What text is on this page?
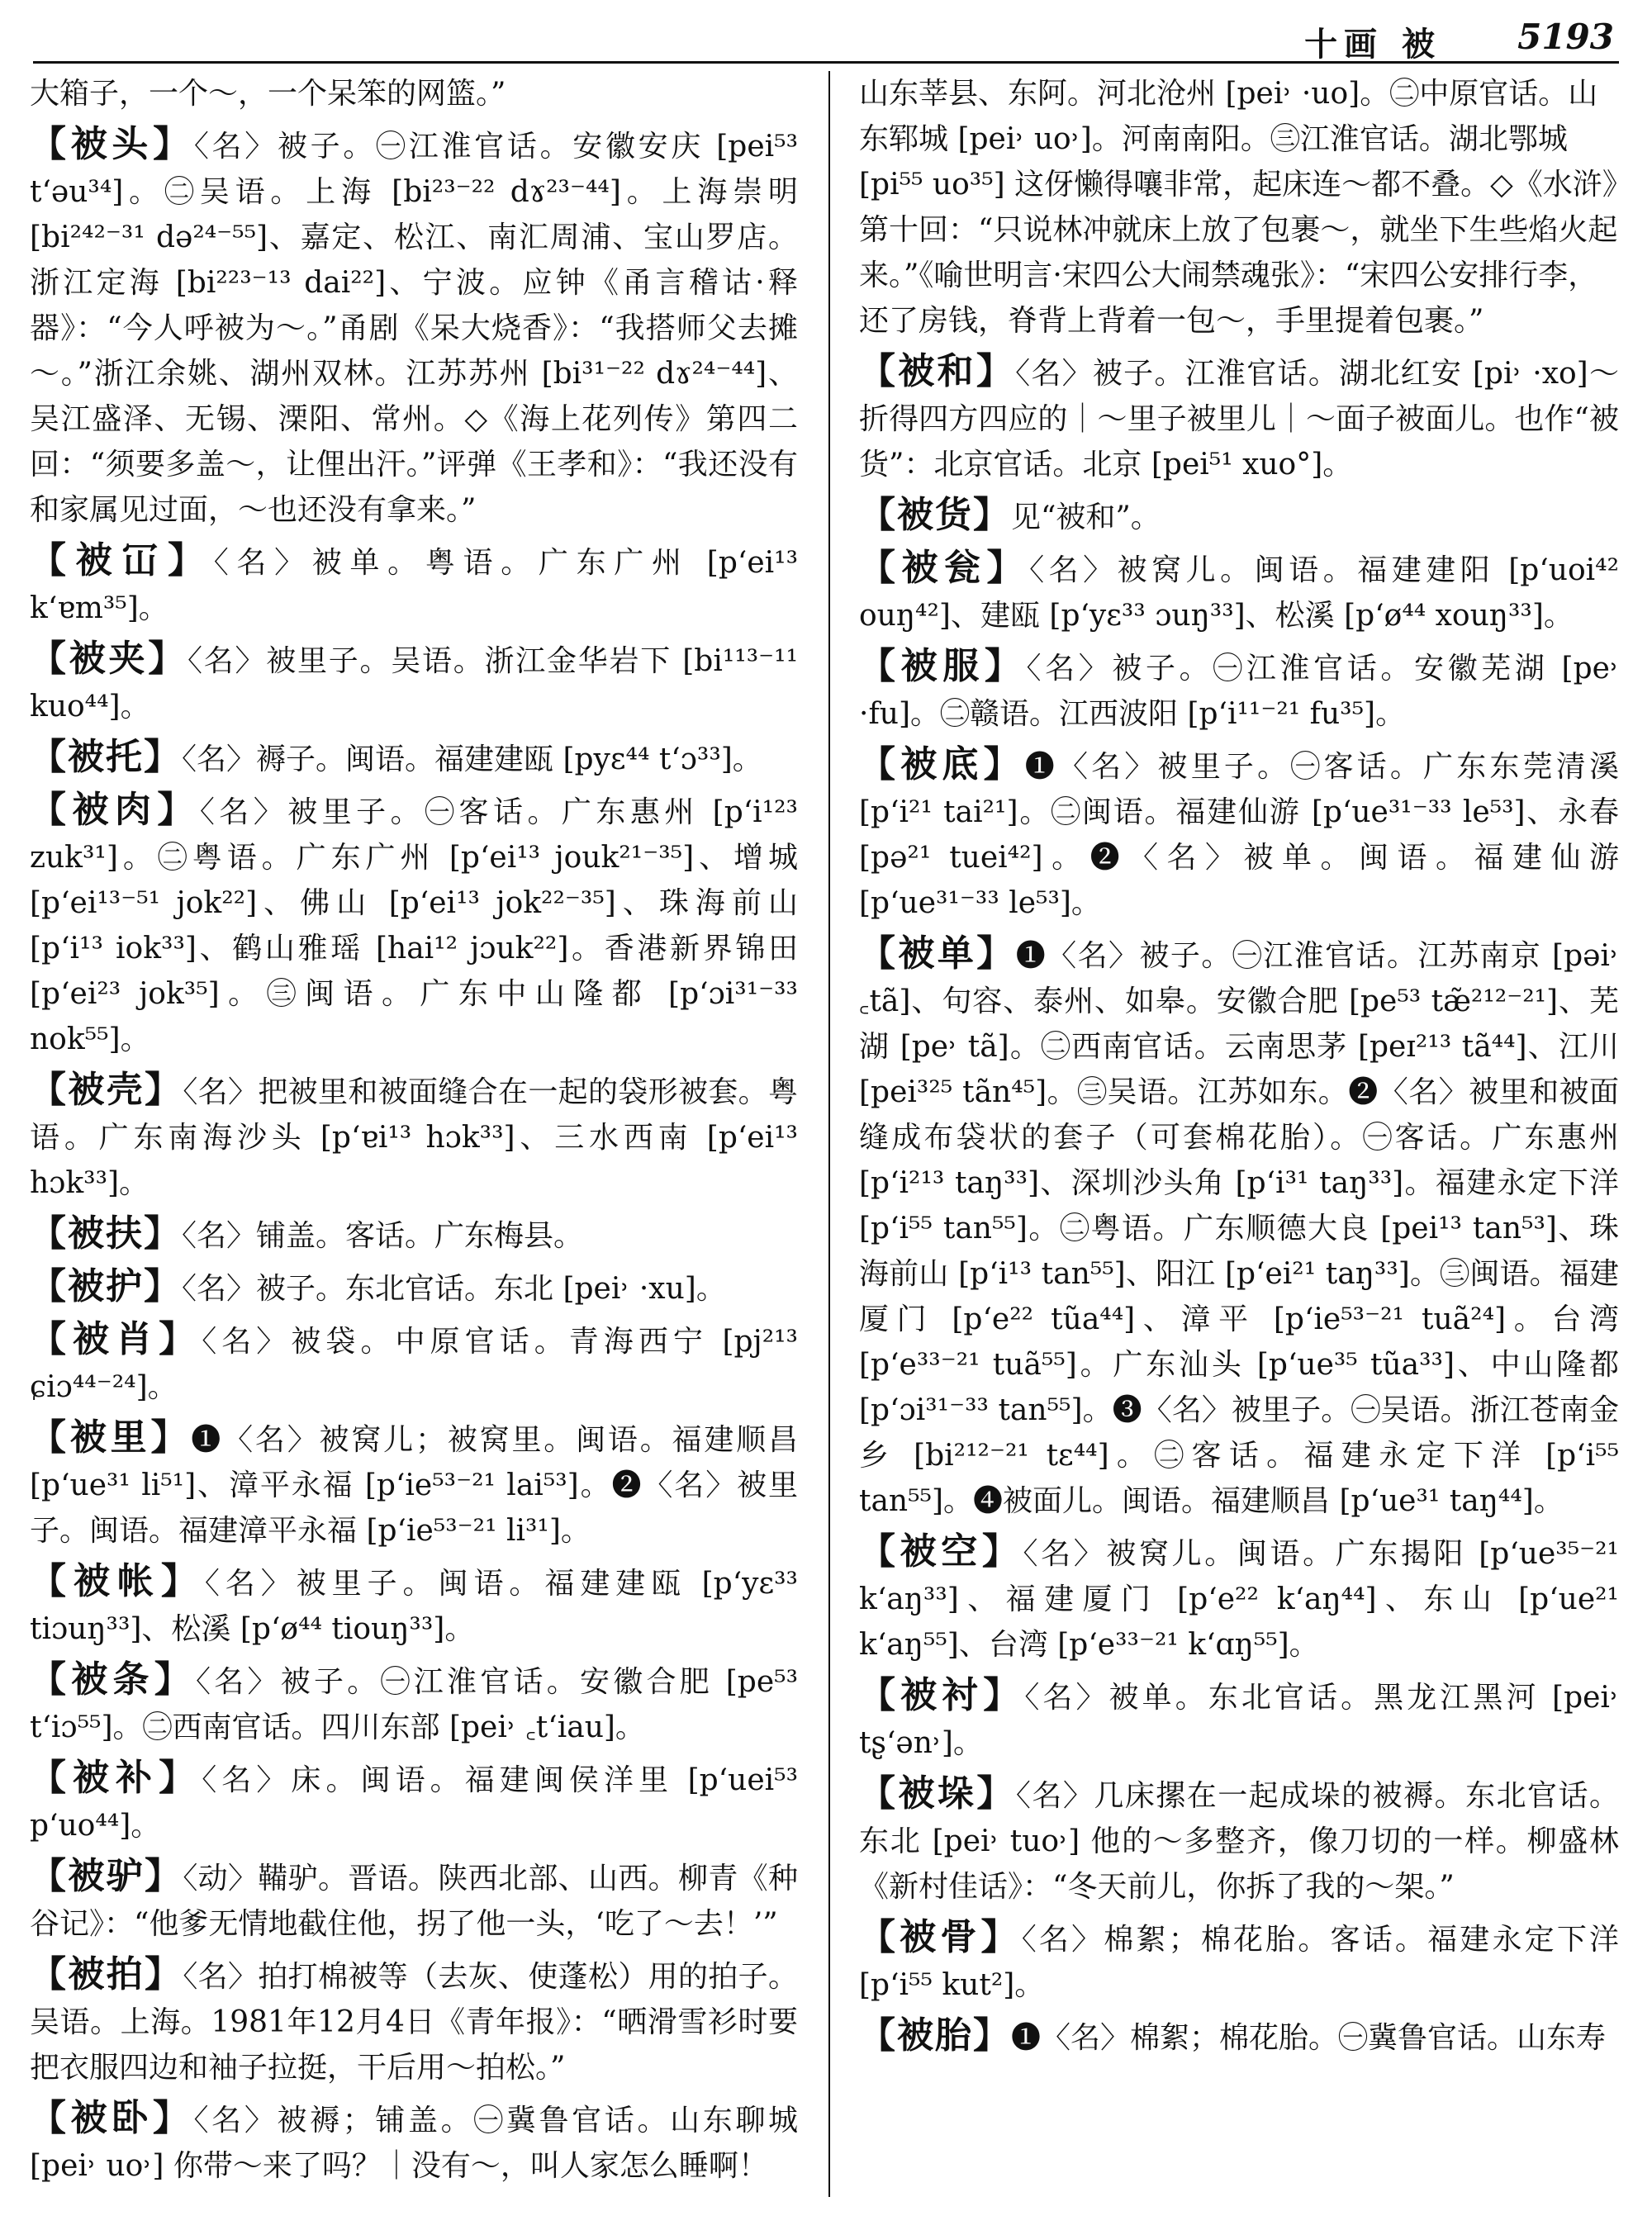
十画 被 5193

大箱子，一个～，一个呆笨的网篮。”

【被头】〈名〉被子。㊀江淮官话。安徽安庆 [pei⁵³ t‘əu³⁴]。㊁吴语。上海 [bi²³⁻²² dɤ²³⁻⁴⁴]。上海崇明 [bi²⁴²⁻³¹ də²⁴⁻⁵⁵]、嘉定、松江、南汇周浦、宝山罗店。浙江定海 [bi²²³⁻¹³ dai²²]、宁波。应钟《甬言稽诂·释器》：“今人呼被为～。”甬剧《呆大烧香》：“我搭师父去摊～。”浙江余姚、湖州双林。江苏苏州 [bi³¹⁻²² dɤ²⁴⁻⁴⁴]、吴江盛泽、无锡、溧阳、常州。◇《海上花列传》第四二回：“须要多盖～，让俚出汗。”评弹《王孝和》：“我还没有和家属见过面，～也还没有拿来。”

【被冚】〈名〉被单。粤语。广东广州 [p‘ei¹³ k‘ɐm³⁵]。

【被夹】〈名〉被里子。吴语。浙江金华岩下 [bi¹¹³⁻¹¹ kuo⁴⁴]。

【被托】〈名〉褥子。闽语。福建建瓯 [pyɛ⁴⁴ t‘ɔ³³]。

【被肉】〈名〉被里子。㊀客话。广东惠州 [p‘i¹²³ zuk³¹]。㊁粤语。广东广州 [p‘ei¹³ jouk²¹⁻³⁵]、增城 [p‘ei¹³⁻⁵¹ jok²²]、佛山 [p‘ei¹³ jok²²⁻³⁵]、珠海前山 [p‘i¹³ iok³³]、鹤山雅瑶 [hai¹² jɔuk²²]。香港新界锦田 [p‘ei²³ jok³⁵]。㊂闽语。广东中山隆都 [p‘ɔi³¹⁻³³ nok⁵⁵]。

【被壳】〈名〉把被里和被面缝合在一起的袋形被套。粤语。广东南海沙头 [p‘ɐi¹³ hɔk³³]、三水西南 [p‘ei¹³ hɔk³³]。

【被扶】〈名〉铺盖。客话。广东梅县。

【被护】〈名〉被子。东北官话。东北 [pei˒ ·xu]。

【被肖】〈名〉被袋。中原官话。青海西宁 [pj²¹³ ɕiɔ⁴⁴⁻²⁴]。

【被里】❶〈名〉被窝儿；被窝里。闽语。福建顺昌 [p‘ue³¹ li⁵¹]、漳平永福 [p‘ie⁵³⁻²¹ lai⁵³]。❷〈名〉被里子。闽语。福建漳平永福 [p‘ie⁵³⁻²¹ li³¹]。

【被帐】〈名〉被里子。闽语。福建建瓯 [p‘yɛ³³ tiɔuŋ³³]、松溪 [p‘ø⁴⁴ tiouŋ³³]。

【被条】〈名〉被子。㊀江淮官话。安徽合肥 [pe⁵³ t‘iɔ⁵⁵]。㊁西南官话。四川东部 [pei˒ ꜀t‘iau]。

【被补】〈名〉床。闽语。福建闽侯洋里 [p‘uei⁵³ p‘uo⁴⁴]。

【被驴】〈动〉鞴驴。晋语。陕西北部、山西。柳青《种谷记》：“他爹无情地截住他，拐了他一头，‘吃了～去！’”

【被拍】〈名〉拍打棉被等（去灰、使蓬松）用的拍子。吴语。上海。1981年12月4日《青年报》：“晒滑雪衫时要把衣服四边和袖子拉挺，干后用～拍松。”

【被卧】〈名〉被褥；铺盖。㊀冀鲁官话。山东聊城 [pei˒ uo˒] 你带～来了吗？｜没有～，叫人家怎么睡啊！

山东莘县、东阿。河北沧州 [pei˒ ·uo]。㊁中原官话。山东郓城 [pei˒ uo˒]。河南南阳。㊂江淮官话。湖北鄂城 [pi⁵⁵ uo³⁵] 这伢懒得嚷非常，起床连～都不叠。◇《水浒》第十回：“只说林冲就床上放了包裹～，就坐下生些焰火起来。”《喻世明言·宋四公大闹禁魂张》：“宋四公安排行李，还了房钱，脊背上背着一包～，手里提着包裹。”

【被和】〈名〉被子。江淮官话。湖北红安 [pi˒ ·xo]～折得四方四应的｜～里子被里儿｜～面子被面儿。也作“被货”：北京官话。北京 [pei⁵¹ xuo°]。

【被货】见“被和”。

【被瓮】〈名〉被窝儿。闽语。福建建阳 [p‘uoi⁴² ouŋ⁴²]、建瓯 [p‘yɛ³³ ɔuŋ³³]、松溪 [p‘ø⁴⁴ xouŋ³³]。

【被服】〈名〉被子。㊀江淮官话。安徽芜湖 [pe˒ ·fu]。㊁赣语。江西波阳 [p‘i¹¹⁻²¹ fu³⁵]。

【被底】❶〈名〉被里子。㊀客话。广东东莞清溪 [p‘i²¹ tai²¹]。㊁闽语。福建仙游 [p‘ue³¹⁻³³ le⁵³]、永春 [pə²¹ tuei⁴²]。❷〈名〉被单。闽语。福建仙游 [p‘ue³¹⁻³³ le⁵³]。

【被单】❶〈名〉被子。㊀江淮官话。江苏南京 [pəi˒ ꜀tã]、句容、泰州、如皋。安徽合肥 [pe⁵³ tæ̃²¹²⁻²¹]、芜湖 [pe˒ tã]。㊁西南官话。云南思茅 [peɪ²¹³ tã⁴⁴]、江川 [pei³²⁵ tãn⁴⁵]。㊂吴语。江苏如东。❷〈名〉被里和被面缝成布袋状的套子（可套棉花胎）。㊀客话。广东惠州 [p‘i²¹³ taŋ³³]、深圳沙头角 [p‘i³¹ taŋ³³]。福建永定下洋 [p‘i⁵⁵ tan⁵⁵]。㊁粤语。广东顺德大良 [pei¹³ tan⁵³]、珠海前山 [p‘i¹³ tan⁵⁵]、阳江 [p‘ei²¹ taŋ³³]。㊂闽语。福建厦门 [p‘e²² tũa⁴⁴]、漳平 [p‘ie⁵³⁻²¹ tuã²⁴]。台湾 [p‘e³³⁻²¹ tuã⁵⁵]。广东汕头 [p‘ue³⁵ tũa³³]、中山隆都 [p‘ɔi³¹⁻³³ tan⁵⁵]。❸〈名〉被里子。㊀吴语。浙江苍南金乡 [bi²¹²⁻²¹ tɛ⁴⁴]。㊁客话。福建永定下洋 [p‘i⁵⁵ tan⁵⁵]。❹被面儿。闽语。福建顺昌 [p‘ue³¹ taŋ⁴⁴]。

【被空】〈名〉被窝儿。闽语。广东揭阳 [p‘ue³⁵⁻²¹ k‘aŋ³³]、福建厦门 [p‘e²² k‘aŋ⁴⁴]、东山 [p‘ue²¹ k‘aŋ⁵⁵]、台湾 [p‘e³³⁻²¹ k‘ɑŋ⁵⁵]。

【被衬】〈名〉被单。东北官话。黑龙江黑河 [pei˒ tʂ‘ən˒]。

【被垛】〈名〉几床摞在一起成垛的被褥。东北官话。东北 [pei˒ tuo˒] 他的～多整齐，像刀切的一样。柳盛林《新村佳话》：“冬天前儿，你拆了我的～架。”

【被骨】〈名〉棉絮；棉花胎。客话。福建永定下洋 [p‘i⁵⁵ kut²]。

【被胎】❶〈名〉棉絮；棉花胎。㊀冀鲁官话。山东寿
